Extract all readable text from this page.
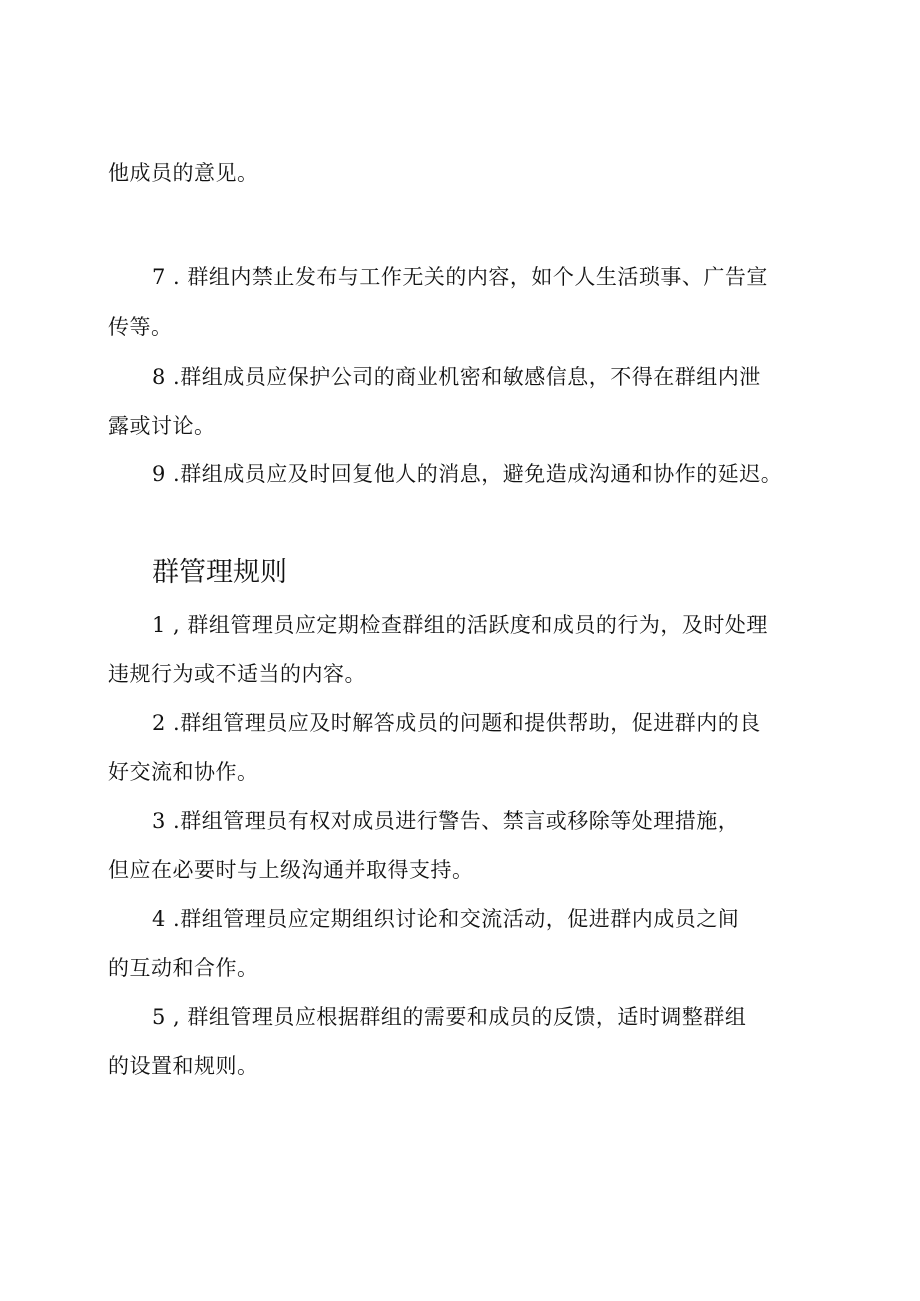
他成员的意见。
7 . 群组内禁止发布与工作无关的内容，如个人生活琐事、广告宣
传等。
8 .群组成员应保护公司的商业机密和敏感信息，不得在群组内泄
露或讨论。
9 .群组成员应及时回复他人的消息，避免造成沟通和协作的延迟。
群管理规则
1 , 群组管理员应定期检查群组的活跃度和成员的行为，及时处理
违规行为或不适当的内容。
2 .群组管理员应及时解答成员的问题和提供帮助，促进群内的良
好交流和协作。
3 .群组管理员有权对成员进行警告、禁言或移除等处理措施，
但应在必要时与上级沟通并取得支持。
4 .群组管理员应定期组织讨论和交流活动，促进群内成员之间
的互动和合作。
5 , 群组管理员应根据群组的需要和成员的反馈，适时调整群组
的设置和规则。
